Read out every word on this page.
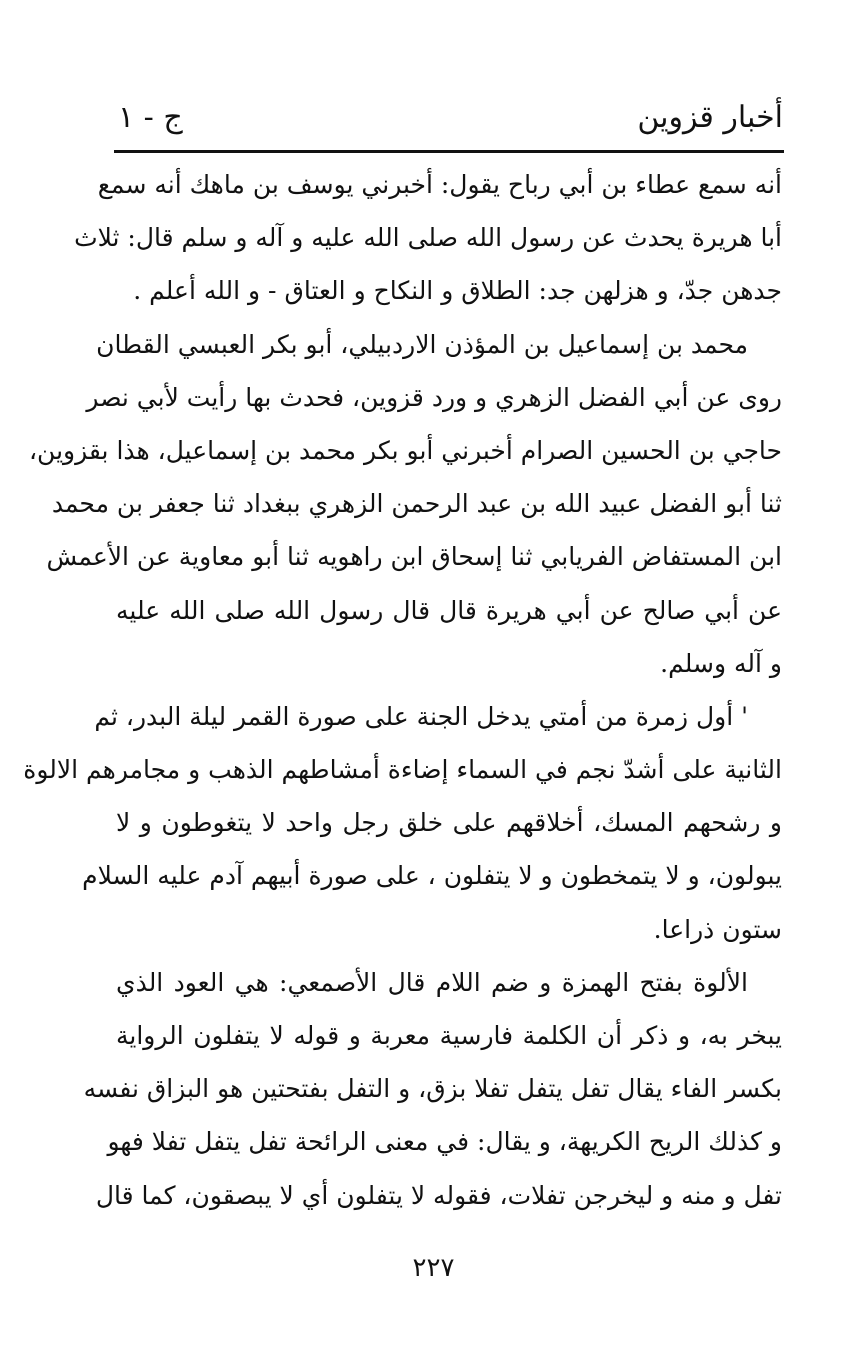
أخبار قزوين
ج - ١
أنه سمع عطاء بن أبي رباح يقول: أخبرني يوسف بن ماهك أنه سمع
أبا هريرة يحدث عن رسول الله صلى الله عليه و آله و سلم قال: ثلاث
جدهن جدّ، و هزلهن جد: الطلاق و النكاح و العتاق - و الله أعلم .
محمد بن إسماعيل بن المؤذن الاردبيلي، أبو بكر العبسي القطان
روى عن أبي الفضل الزهري و ورد قزوين، فحدث بها رأيت لأبي نصر
حاجي بن الحسين الصرام أخبرني أبو بكر محمد بن إسماعيل، هذا بقزوين،
ثنا أبو الفضل عبيد الله بن عبد الرحمن الزهري ببغداد ثنا جعفر بن محمد
ابن المستفاض الفريابي ثنا إسحاق ابن راهويه ثنا أبو معاوية عن الأعمش
عن أبي صالح عن أبي هريرة قال قال رسول الله صلى الله عليه
و آله وسلم.
' أول زمرة من أمتي يدخل الجنة على صورة القمر ليلة البدر، ثم
الثانية على أشدّ نجم في السماء إضاءة أمشاطهم الذهب و مجامرهم الالوة
و رشحهم المسك، أخلاقهم على خلق رجل واحد لا يتغوطون و لا
يبولون، و لا يتمخطون و لا يتفلون ، على صورة أبيهم آدم عليه السلام
ستون ذراعا.
الألوة بفتح الهمزة و ضم اللام قال الأصمعي: هي العود الذي
يبخر به، و ذكر أن الكلمة فارسية معربة و قوله لا يتفلون الرواية
بكسر الفاء يقال تفل يتفل تفلا بزق، و التفل بفتحتين هو البزاق نفسه
و كذلك الريح الكريهة، و يقال: في معنى الرائحة تفل يتفل تفلا فهو
تفل و منه و ليخرجن تفلات، فقوله لا يتفلون أي لا يبصقون، كما قال
٢٢٧
